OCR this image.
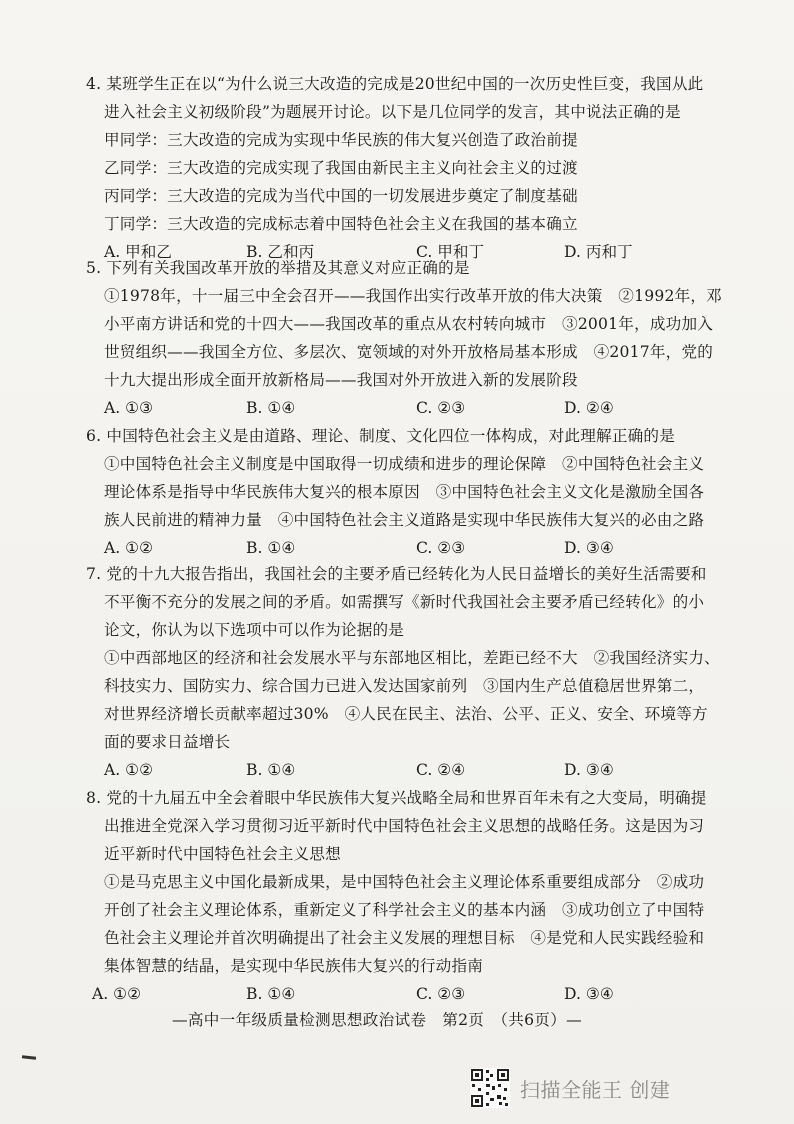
4. 某班学生正在以“为什么说三大改造的完成是20世纪中国的一次历史性巨变，我国从此
进入社会主义初级阶段”为题展开讨论。以下是几位同学的发言，其中说法正确的是
甲同学：三大改造的完成为实现中华民族的伟大复兴创造了政治前提
乙同学：三大改造的完成实现了我国由新民主主义向社会主义的过渡
丙同学：三大改造的完成为当代中国的一切发展进步奠定了制度基础
丁同学：三大改造的完成标志着中国特色社会主义在我国的基本确立
A. 甲和乙	B. 乙和丙	C. 甲和丁	D. 丙和丁
5. 下列有关我国改革开放的举措及其意义对应正确的是
①1978年，十一届三中全会召开——我国作出实行改革开放的伟大决策　②1992年，邓
小平南方讲话和党的十四大——我国改革的重点从农村转向城市　③2001年，成功加入
世贸组织——我国全方位、多层次、宽领域的对外开放格局基本形成　④2017年，党的
十九大提出形成全面开放新格局——我国对外开放进入新的发展阶段
A. ①③	B. ①④	C. ②③	D. ②④
6. 中国特色社会主义是由道路、理论、制度、文化四位一体构成，对此理解正确的是
①中国特色社会主义制度是中国取得一切成绩和进步的理论保障　②中国特色社会主义
理论体系是指导中华民族伟大复兴的根本原因　③中国特色社会主义文化是激励全国各
族人民前进的精神力量　④中国特色社会主义道路是实现中华民族伟大复兴的必由之路
A. ①②	B. ①④	C. ②③	D. ③④
7. 党的十九大报告指出，我国社会的主要矛盾已经转化为人民日益增长的美好生活需要和
不平衡不充分的发展之间的矛盾。如需撰写《新时代我国社会主要矛盾已经转化》的小
论文，你认为以下选项中可以作为论据的是
①中西部地区的经济和社会发展水平与东部地区相比，差距已经不大　②我国经济实力、
科技实力、国防实力、综合国力已进入发达国家前列　③国内生产总值稳居世界第二，
对世界经济增长贡献率超过30%　④人民在民主、法治、公平、正义、安全、环境等方
面的要求日益增长
A. ①②	B. ①④	C. ②④	D. ③④
8. 党的十九届五中全会着眼中华民族伟大复兴战略全局和世界百年未有之大变局，明确提
出推进全党深入学习贯彻习近平新时代中国特色社会主义思想的战略任务。这是因为习
近平新时代中国特色社会主义思想
①是马克思主义中国化最新成果，是中国特色社会主义理论体系重要组成部分　②成功
开创了社会主义理论体系，重新定义了科学社会主义的基本内涵　③成功创立了中国特
色社会主义理论并首次明确提出了社会主义发展的理想目标　④是党和人民实践经验和
集体智慧的结晶，是实现中华民族伟大复兴的行动指南
A. ①②	B. ①④	C. ②③	D. ③④
—高中一年级质量检测思想政治试卷　第2页　（共6页）—
扫描全能王 创建
